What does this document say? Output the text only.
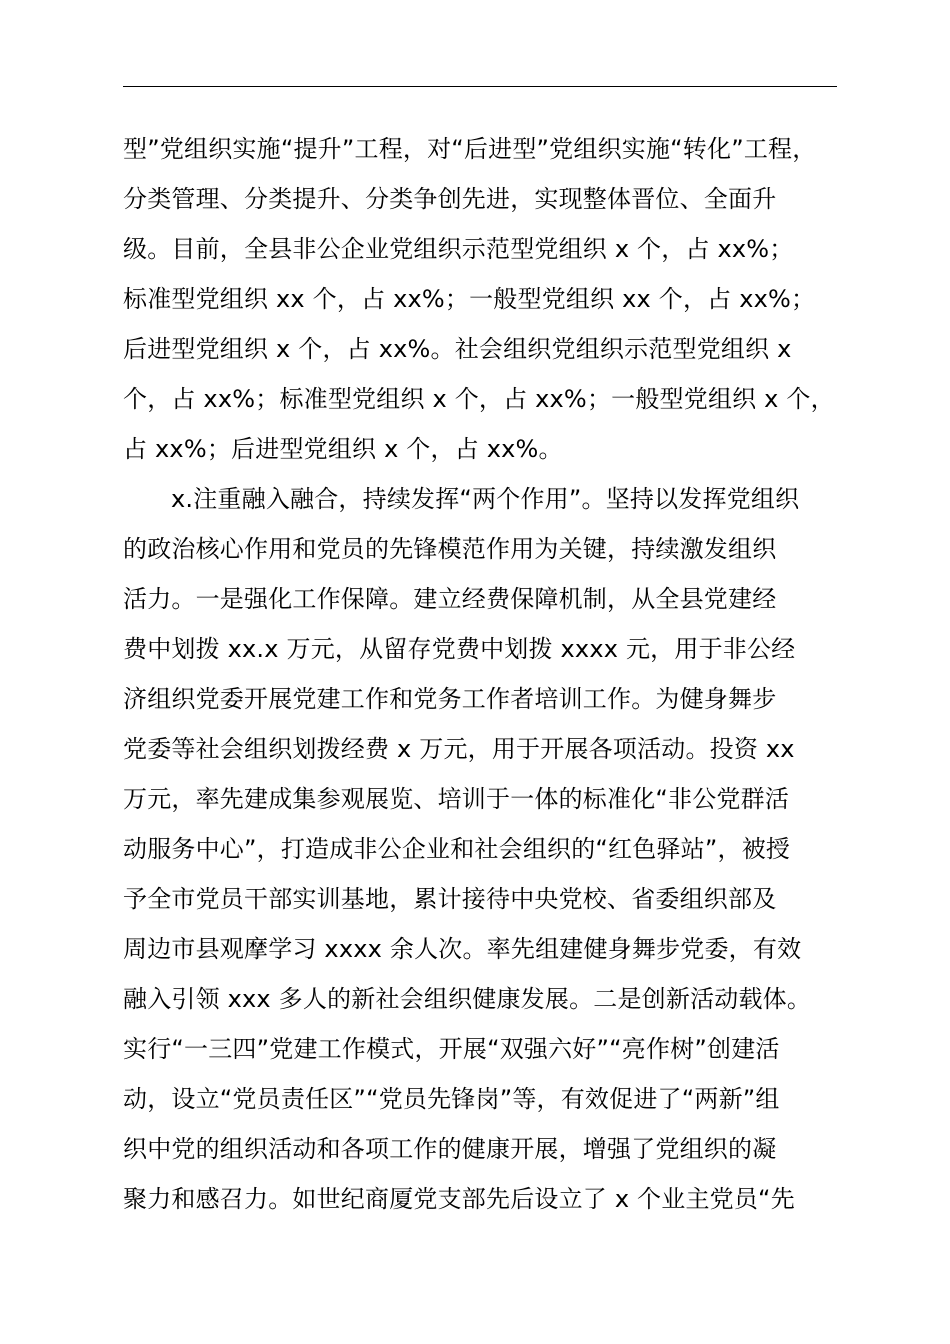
型”党组织实施“提升”工程，对“后进型”党组织实施“转化”工程，
分类管理、分类提升、分类争创先进，实现整体晋位、全面升
级。目前，全县非公企业党组织示范型党组织 x 个，占 xx%；
标准型党组织 xx 个，占 xx%；一般型党组织 xx 个，占 xx%；
后进型党组织 x 个，占 xx%。社会组织党组织示范型党组织 x
个，占 xx%；标准型党组织 x 个，占 xx%；一般型党组织 x 个，
占 xx%；后进型党组织 x 个，占 xx%。
x.注重融入融合，持续发挥“两个作用”。坚持以发挥党组织
的政治核心作用和党员的先锋模范作用为关键，持续激发组织
活力。一是强化工作保障。建立经费保障机制，从全县党建经
费中划拨 xx.x 万元，从留存党费中划拨 xxxx 元，用于非公经
济组织党委开展党建工作和党务工作者培训工作。为健身舞步
党委等社会组织划拨经费 x 万元，用于开展各项活动。投资 xx
万元，率先建成集参观展览、培训于一体的标准化“非公党群活
动服务中心”，打造成非公企业和社会组织的“红色驿站”，被授
予全市党员干部实训基地，累计接待中央党校、省委组织部及
周边市县观摩学习 xxxx 余人次。率先组建健身舞步党委，有效
融入引领 xxx 多人的新社会组织健康发展。二是创新活动载体。
实行“一三四”党建工作模式，开展“双强六好”“亮作树”创建活
动，设立“党员责任区”“党员先锋岗”等，有效促进了“两新”组
织中党的组织活动和各项工作的健康开展，增强了党组织的凝
聚力和感召力。如世纪商厦党支部先后设立了 x 个业主党员“先
